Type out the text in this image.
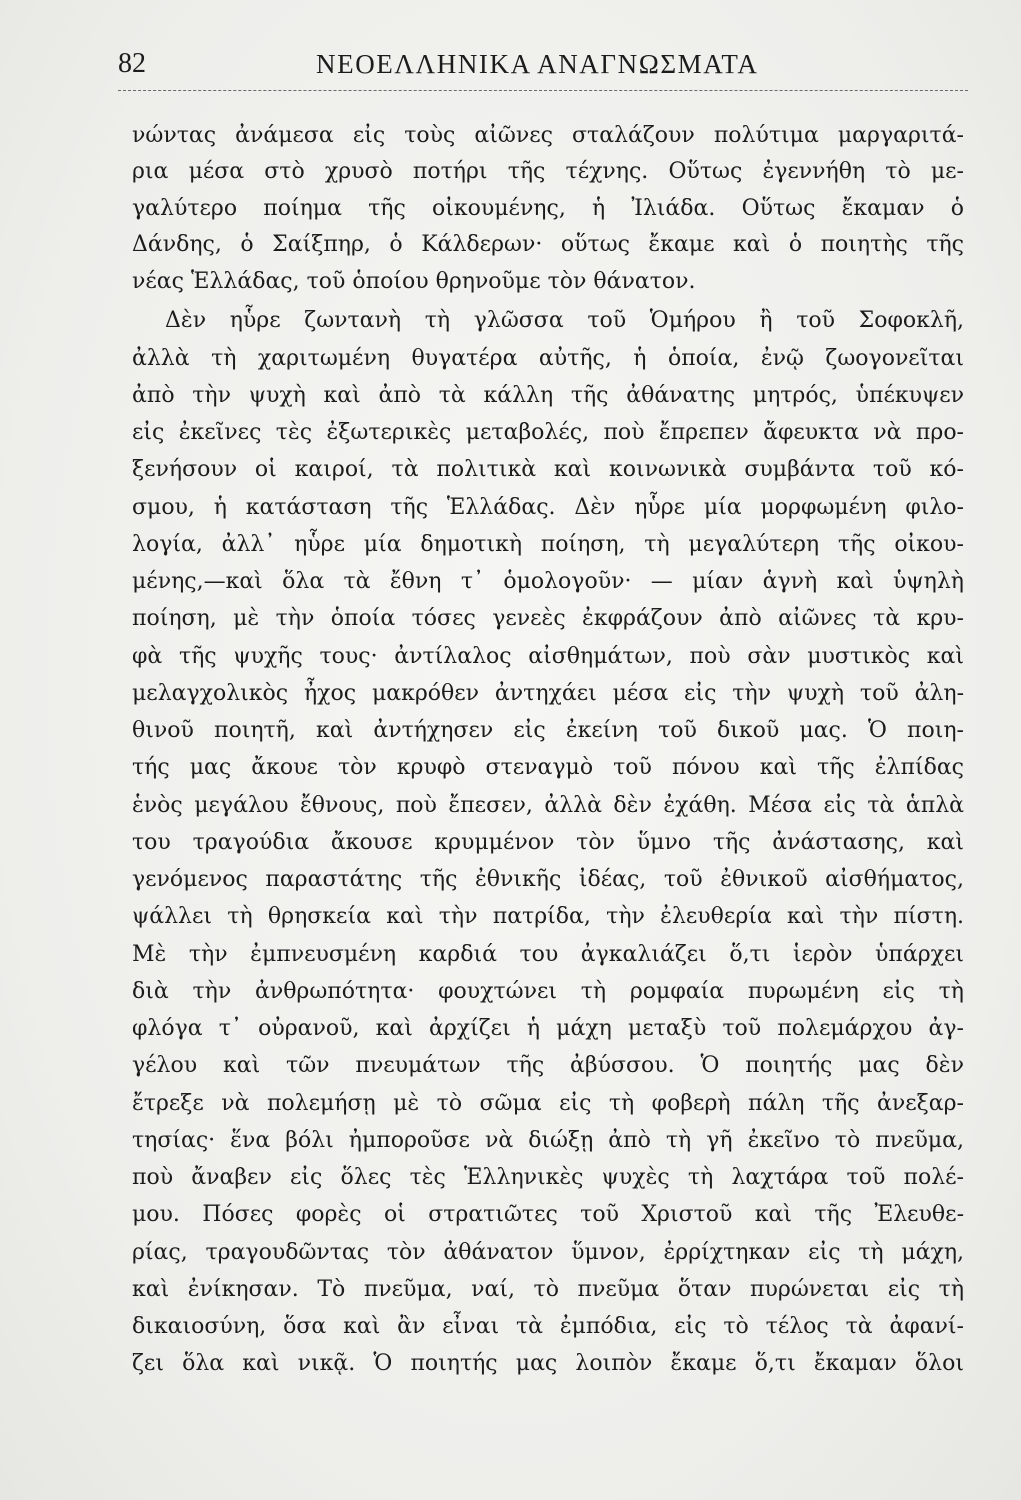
82	ΝΕΟΕΛΛΗΝΙΚΑ ΑΝΑΓΝΩΣΜΑΤΑ
νώντας ἀνάμεσα εἰς τοὺς αἰῶνες σταλάζουν πολύτιμα μαργαριτά-
ρια μέσα στὸ χρυσὸ ποτήρι τῆς τέχνης. Οὕτως ἐγεννήθη τὸ με-
γαλύτερο ποίημα τῆς οἰκουμένης, ἡ Ἰλιάδα. Οὕτως ἔκαμαν ὁ
Δάνδης, ὁ Σαίξπηρ, ὁ Κάλδερων· οὕτως ἔκαμε καὶ ὁ ποιητὴς τῆς
νέας Ἑλλάδας, τοῦ ὁποίου θρηνοῦμε τὸν θάνατον.
Δὲν ηὗρε ζωντανὴ τὴ γλῶσσα τοῦ Ὁμήρου ἢ τοῦ Σοφοκλῆ,
ἀλλὰ τὴ χαριτωμένη θυγατέρα αὐτῆς, ἡ ὁποία, ἐνῷ ζωογονεῖται
ἀπὸ τὴν ψυχὴ καὶ ἀπὸ τὰ κάλλη τῆς ἀθάνατης μητρός, ὑπέκυψεν
εἰς ἐκεῖνες τὲς ἐξωτερικὲς μεταβολές, ποὺ ἔπρεπεν ἄφευκτα νὰ προ-
ξενήσουν οἱ καιροί, τὰ πολιτικὰ καὶ κοινωνικὰ συμβάντα τοῦ κό-
σμου, ἡ κατάσταση τῆς Ἑλλάδας. Δὲν ηὗρε μία μορφωμένη φιλο-
λογία, ἀλλ᾽ ηὗρε μία δημοτικὴ ποίηση, τὴ μεγαλύτερη τῆς οἰκου-
μένης,—καὶ ὅλα τὰ ἔθνη τ᾽ ὁμολογοῦν· — μίαν ἁγνὴ καὶ ὑψηλὴ
ποίηση, μὲ τὴν ὁποία τόσες γενεὲς ἐκφράζουν ἀπὸ αἰῶνες τὰ κρυ-
φὰ τῆς ψυχῆς τους· ἀντίλαλος αἰσθημάτων, ποὺ σὰν μυστικὸς καὶ
μελαγχολικὸς ἦχος μακρόθεν ἀντηχάει μέσα εἰς τὴν ψυχὴ τοῦ ἀλη-
θινοῦ ποιητῆ, καὶ ἀντήχησεν εἰς ἐκείνη τοῦ δικοῦ μας. Ὁ ποιη-
τής μας ἄκουε τὸν κρυφὸ στεναγμὸ τοῦ πόνου καὶ τῆς ἐλπίδας
ἑνὸς μεγάλου ἔθνους, ποὺ ἔπεσεν, ἀλλὰ δὲν ἐχάθη. Μέσα εἰς τὰ ἁπλὰ
του τραγούδια ἄκουσε κρυμμένον τὸν ὕμνο τῆς ἀνάστασης, καὶ
γενόμενος παραστάτης τῆς ἐθνικῆς ἰδέας, τοῦ ἐθνικοῦ αἰσθήματος,
ψάλλει τὴ θρησκεία καὶ τὴν πατρίδα, τὴν ἐλευθερία καὶ τὴν πίστη.
Μὲ τὴν ἐμπνευσμένη καρδιά του ἀγκαλιάζει ὅ,τι ἱερὸν ὑπάρχει
διὰ τὴν ἀνθρωπότητα· φουχτώνει τὴ ρομφαία πυρωμένη εἰς τὴ
φλόγα τ᾽ οὐρανοῦ, καὶ ἀρχίζει ἡ μάχη μεταξὺ τοῦ πολεμάρχου ἀγ-
γέλου καὶ τῶν πνευμάτων τῆς ἀβύσσου. Ὁ ποιητής μας δὲν
ἔτρεξε νὰ πολεμήσῃ μὲ τὸ σῶμα εἰς τὴ φοβερὴ πάλη τῆς ἀνεξαρ-
τησίας· ἕνα βόλι ἠμποροῦσε νὰ διώξῃ ἀπὸ τὴ γῆ ἐκεῖνο τὸ πνεῦμα,
ποὺ ἄναβεν εἰς ὅλες τὲς Ἑλληνικὲς ψυχὲς τὴ λαχτάρα τοῦ πολέ-
μου. Πόσες φορὲς οἱ στρατιῶτες τοῦ Χριστοῦ καὶ τῆς Ἐλευθε-
ρίας, τραγουδῶντας τὸν ἀθάνατον ὕμνον, ἐρρίχτηκαν εἰς τὴ μάχη,
καὶ ἐνίκησαν. Τὸ πνεῦμα, ναί, τὸ πνεῦμα ὅταν πυρώνεται εἰς τὴ
δικαιοσύνη, ὅσα καὶ ἂν εἶναι τὰ ἐμπόδια, εἰς τὸ τέλος τὰ ἀφανί-
ζει ὅλα καὶ νικᾷ. Ὁ ποιητής μας λοιπὸν ἔκαμε ὅ,τι ἔκαμαν ὅλοι
